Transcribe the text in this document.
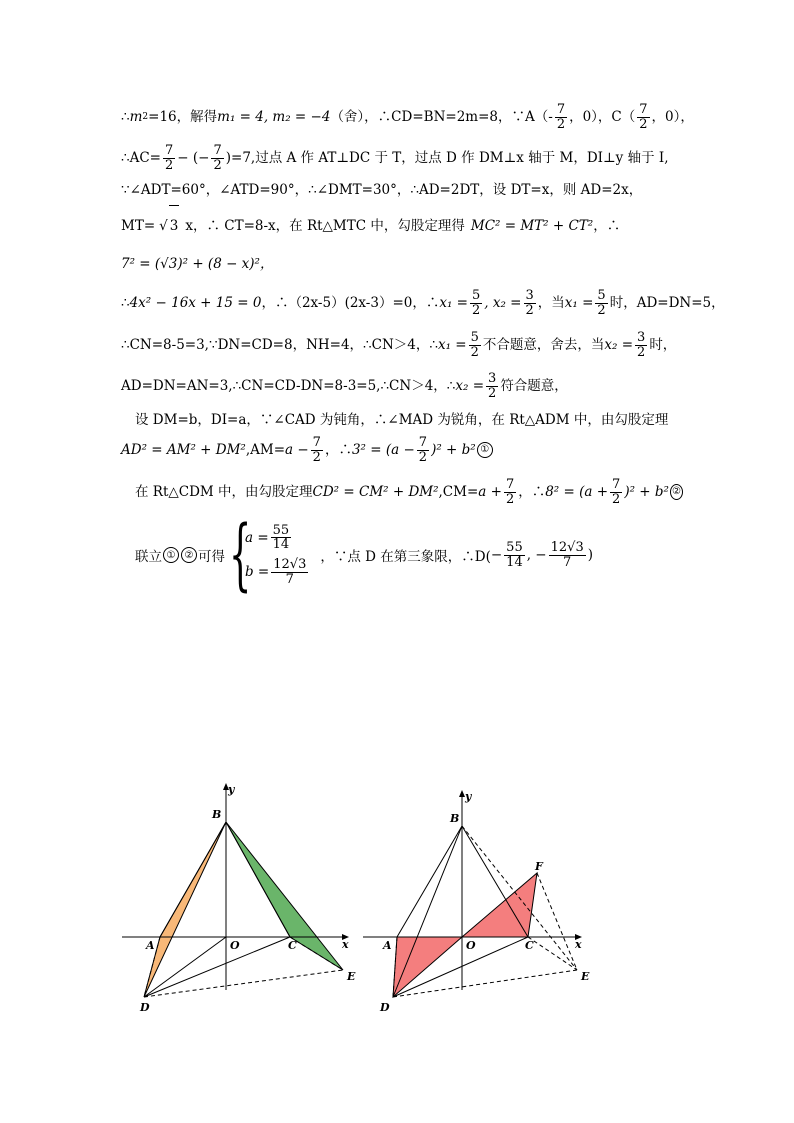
∴ m 2 =16，解得 m₁ = 4, m₂ = −4 （舍），∴CD=BN=2m=8，∵A（- $\frac{7}{2}$ ，0），$C( \frac{7}{2}$ ，0），
∴AC= $\frac{7}{2}$ − (− $\frac{7}{2} )=7$,过点 A 作 AT⊥DC 于 T，过点 D 作 DM⊥x 轴于 M，DI⊥y 轴于 I,
∵∠ADT=60°，∠ATD=90°，∴∠DMT=30°，∴AD=2DT，设 DT=x，则 AD=2x，
MT= √ 3 x，∴ CT=8-x，在 Rt△MTC 中，勾股定理得 MC² = MT² + CT² ，∴
7² = (√3)² + (8 − x)²，
∴ 4x² − 16x + 15 = 0 ，∴（2x-5）(2x-3）=0，∴ $x_1 = \frac{5}{2}$ , $x_2 = \frac{3}{2}$ ，当 $x_1 = \frac{5}{2}$ 时，AD=DN=5，
∴CN=8-5=3,∵DN=CD=8，NH=4，∴CN＞4，∴ $x_1 = \frac{5}{2}$ 不合题意，舍去，当 $x_2 = \frac{3}{2}$ 时，
AD=DN=AN=3,∴CN=CD-DN=8-3=5,∴CN＞4，∴ $x_2 = \frac{3}{2}$ 符合题意，
设 DM=b，DI=a，∵∠CAD 为钝角，∴∠MAD 为锐角，在 Rt△ADM 中，由勾股定理
AD² = AM² + DM² $,AM= a - \frac{7}{2}$ ，∴ $3^2 = (a - \frac{7}{2} )^2 + b^2$ ①
在 Rt△CDM 中，由勾股定理 CD² = CM² + DM² $,CM= a + \frac{7}{2}$ ，∴ $8^2 = (a + \frac{7}{2} )^2 + b^2$ ②
联立 ① ② 可得 {
$a = \frac{55}{14}$
$b = \frac{12√3}{7}$
，∵点 D 在第三象限，∴D( − $\frac{55}{14}$ , − $\frac{12√3}{7}$ )
y
x
B
A	O	C
E
D
y
x
B
F
A	O	C
E
D
